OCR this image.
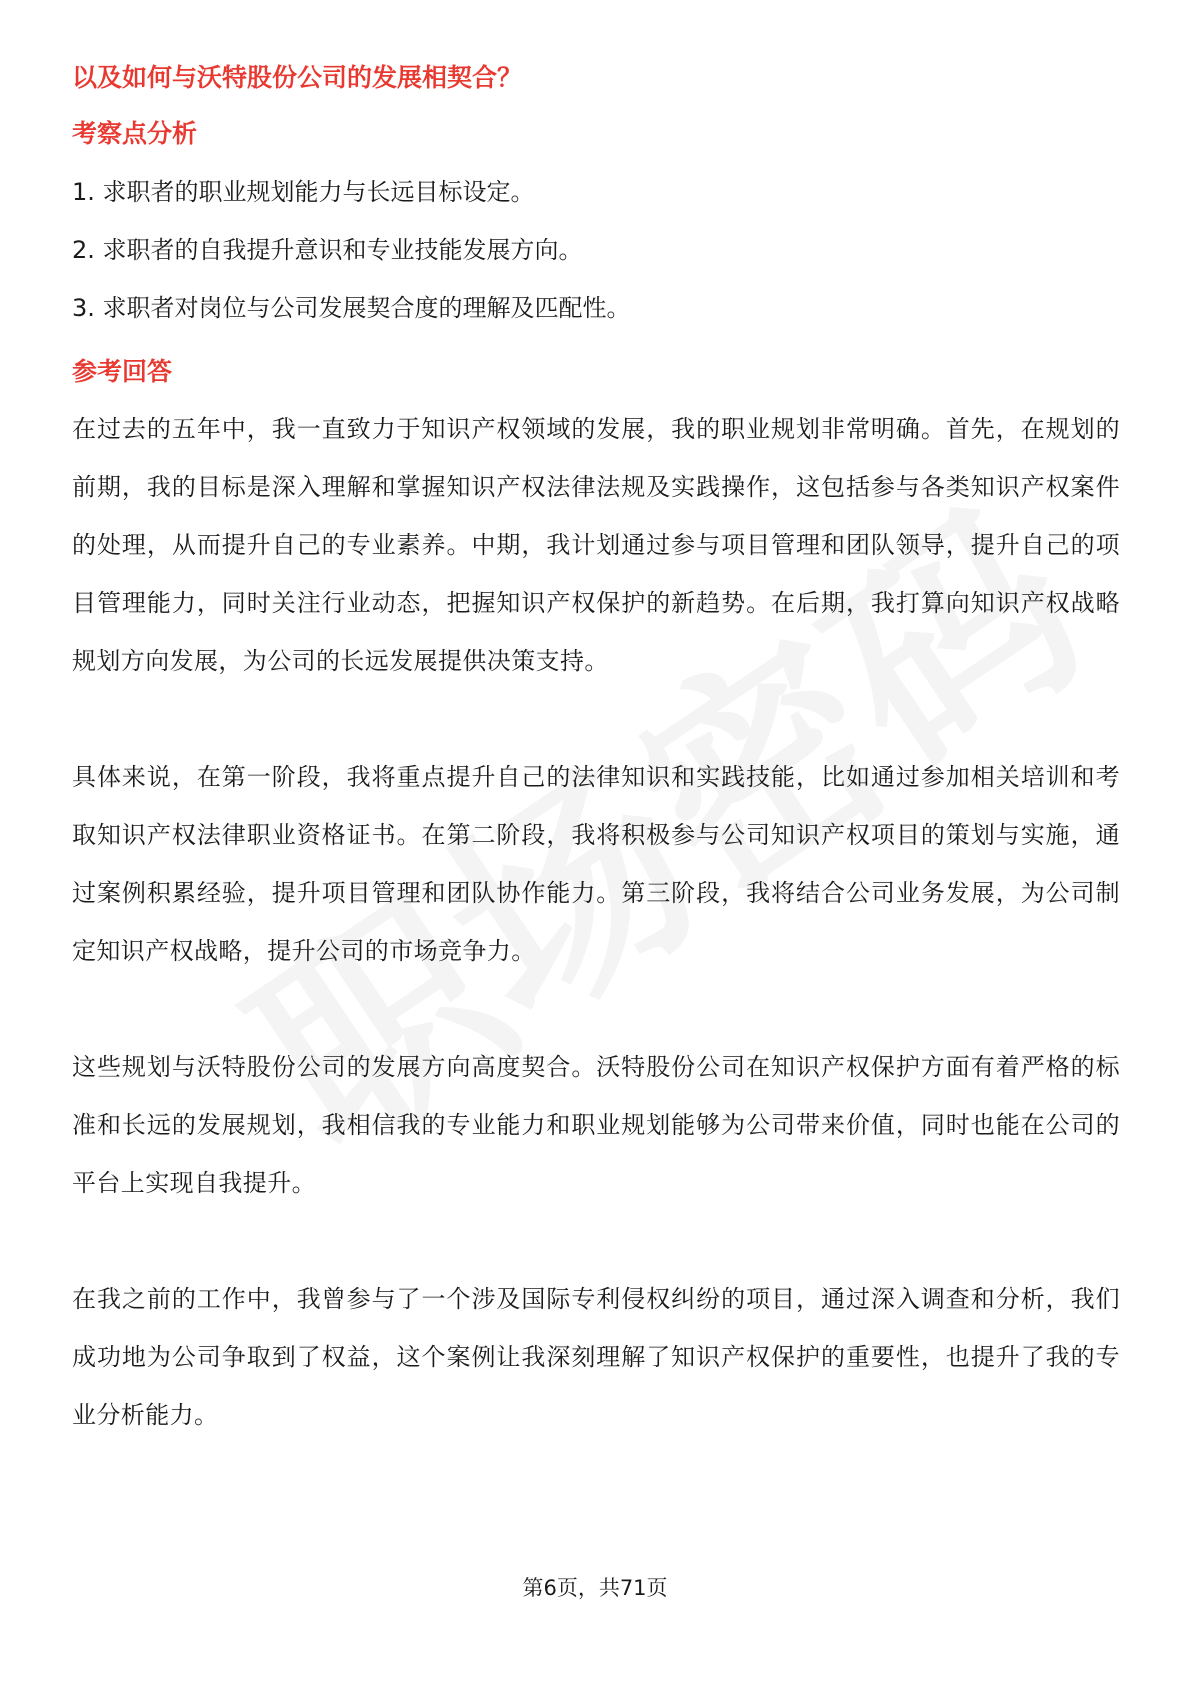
以及如何与沃特股份公司的发展相契合？
考察点分析
1. 求职者的职业规划能力与长远目标设定。
2. 求职者的自我提升意识和专业技能发展方向。
3. 求职者对岗位与公司发展契合度的理解及匹配性。
参考回答

在过去的五年中，我一直致力于知识产权领域的发展，我的职业规划非常明确。首先，在规划的前期，我的目标是深入理解和掌握知识产权法律法规及实践操作，这包括参与各类知识产权案件的处理，从而提升自己的专业素养。中期，我计划通过参与项目管理和团队领导，提升自己的项目管理能力，同时关注行业动态，把握知识产权保护的新趋势。在后期，我打算向知识产权战略规划方向发展，为公司的长远发展提供决策支持。

具体来说，在第一阶段，我将重点提升自己的法律知识和实践技能，比如通过参加相关培训和考取知识产权法律职业资格证书。在第二阶段，我将积极参与公司知识产权项目的策划与实施，通过案例积累经验，提升项目管理和团队协作能力。第三阶段，我将结合公司业务发展，为公司制定知识产权战略，提升公司的市场竞争力。

这些规划与沃特股份公司的发展方向高度契合。沃特股份公司在知识产权保护方面有着严格的标准和长远的发展规划，我相信我的专业能力和职业规划能够为公司带来价值，同时也能在公司的平台上实现自我提升。

在我之前的工作中，我曾参与了一个涉及国际专利侵权纠纷的项目，通过深入调查和分析，我们成功地为公司争取到了权益，这个案例让我深刻理解了知识产权保护的重要性，也提升了我的专业分析能力。

第6页，共71页
